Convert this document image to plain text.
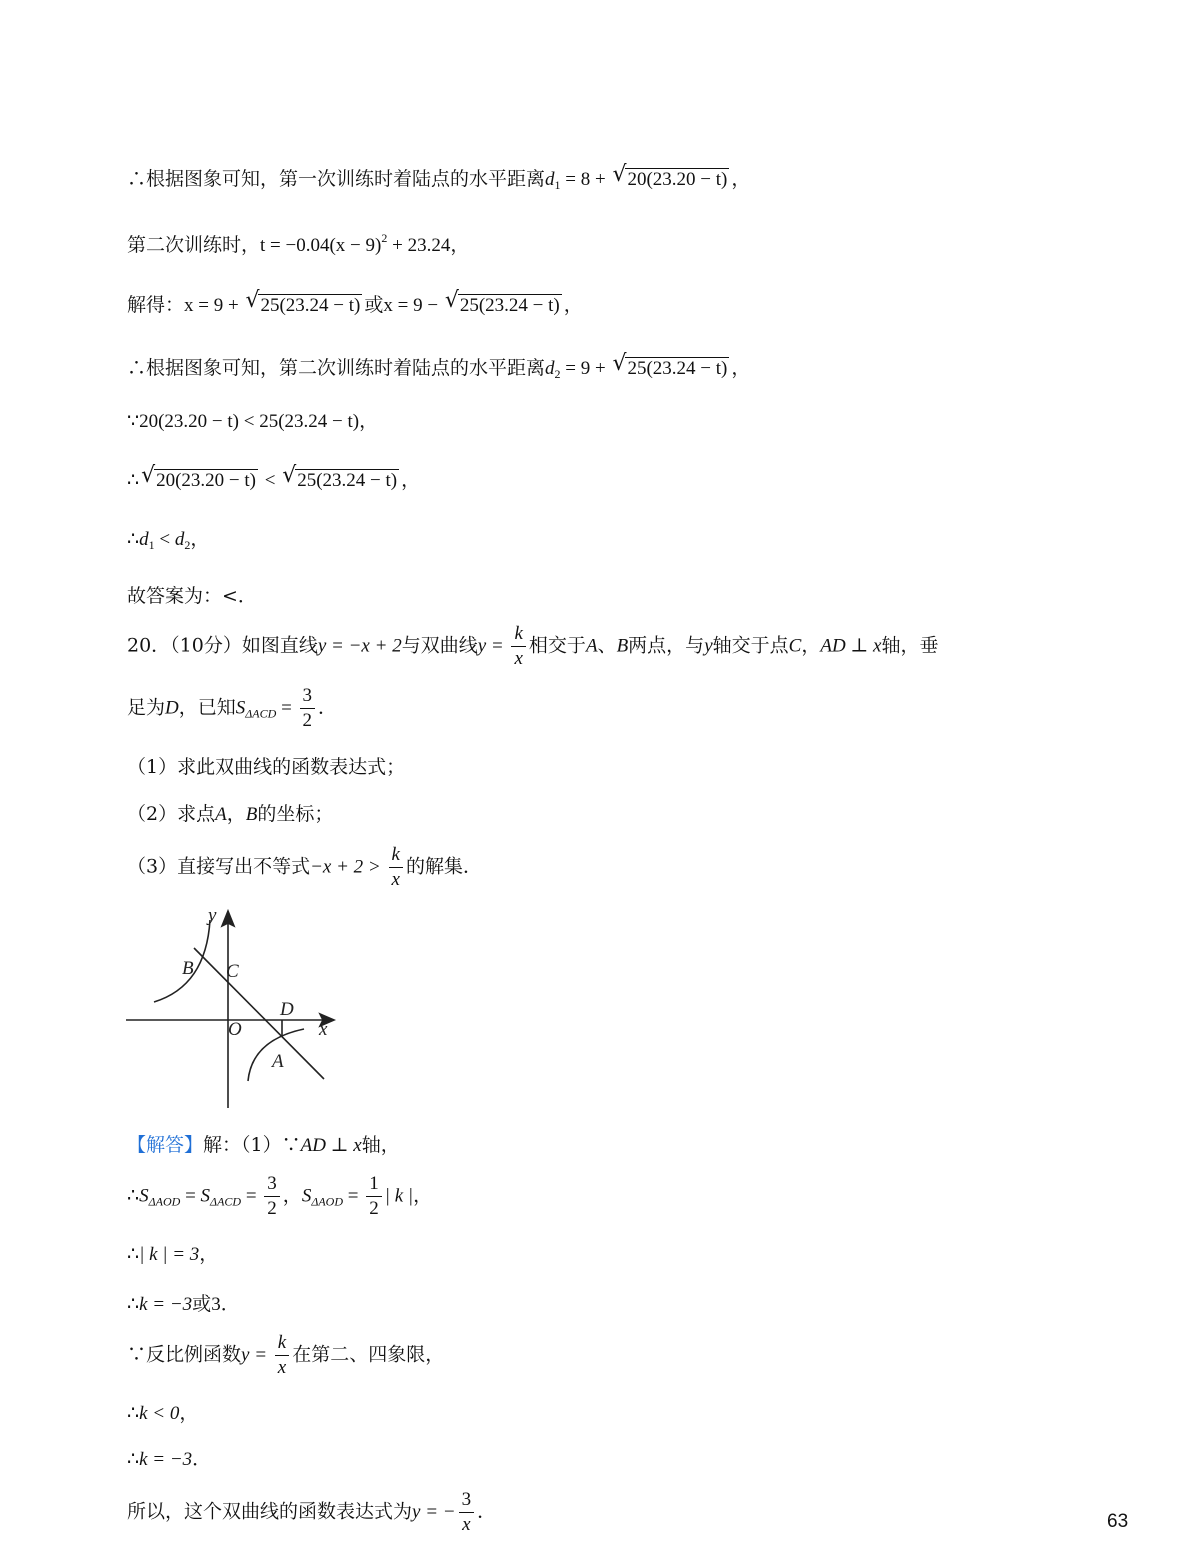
∴根据图象可知，第一次训练时着陆点的水平距离$d_1 = 8$ + √ 20(23.20 − t) ，
第二次训练时，$t = -0.04(x - 9)^2 + 23.24$，
解得：x = 9 + √ 25(23.24 − t) 或x = 9 − √ 25(23.24 − t) ，
∴根据图象可知，第二次训练时着陆点的水平距离$d_2 = 9$ + √ 25(23.24 − t) ，
∵20(23.20 − t) < 25(23.24 − t)，
∴ √ 20(23.20 − t) < √ 25(23.24 − t) ，
$\therefore d_1 < d_2$，
故答案为：<．
20．（10分）如图直线y = −x + 2与双曲线$y = \frac{k}{x}$ 相交于A、B两点，与y轴交于点C，AD ⊥ x轴，垂
足为D，已知$S_{\Delta ACD} = \frac{3}{2}$ ．
（1）求此双曲线的函数表达式；
（2）求点A，B的坐标；
（3）直接写出不等式$-x + 2 > \frac{k}{x}$ 的解集．
y
x
O
B C
D
A
【解答】解：（1）∵AD ⊥ x轴，
$\therefore S_{\Delta AOD} = S_{\Delta ACD} = \frac{3}{2}$ ，$S_{\Delta AOD} = \frac{1}{2}$ | k |，
∴| k | = 3，
∴k = −3或3．
∵反比例函数$y = \frac{k}{x}$ 在第二、四象限，
∴k < 0，
∴k = −3．
所以，这个双曲线的函数表达式为y = − $\frac{3}{x}$ ．	63
